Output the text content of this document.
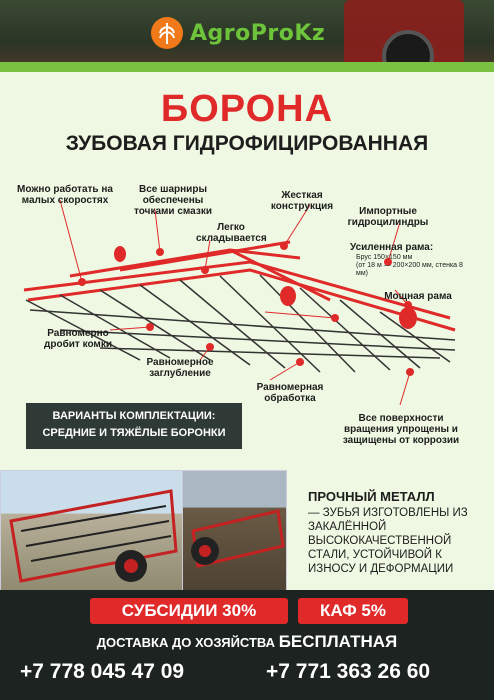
AgroProKz
БОРОНА
ЗУБОВАЯ ГИДРОФИЦИРОВАННАЯ
Можно работать на малых скоростях
Все шарниры обеспечены точками смазки
Легко складывается
Жесткая конструкция	Импортные гидроцилиндры
Усиленная рама:
Брус 150×150 мм
(от 18 м — 200×200 мм, стенка 8 мм)
Мощная рама
Равномерно дробит комки
Равномерное заглубление
Равномерная обработка
Все поверхности вращения упрощены и защищены от коррозии
ВАРИАНТЫ КОМПЛЕКТАЦИИ:
СРЕДНИЕ И ТЯЖЁЛЫЕ БОРОНКИ
ПРОЧНЫЙ МЕТАЛЛ
— ЗУБЬЯ ИЗГОТОВЛЕНЫ ИЗ ЗАКАЛЁННОЙ ВЫСОКОКАЧЕСТВЕННОЙ СТАЛИ, УСТОЙЧИВОЙ К ИЗНОСУ И ДЕФОРМАЦИИ
СУБСИДИИ 30%	КАФ 5%
ДОСТАВКА ДО ХОЗЯЙСТВА БЕСПЛАТНАЯ
+7 778 045 47 09	+7 771 363 26 60
